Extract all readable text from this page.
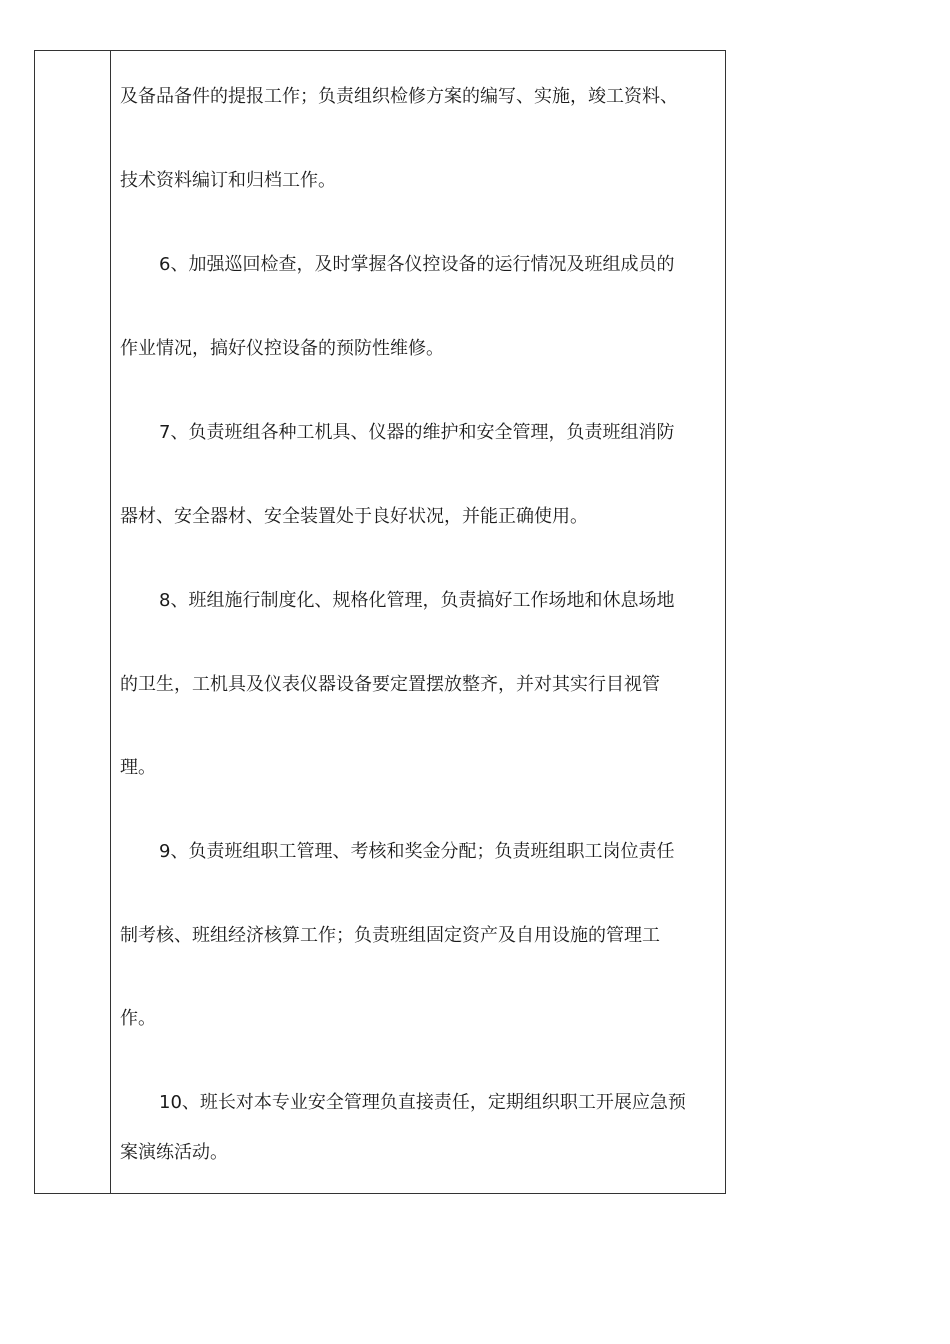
及备品备件的提报工作；负责组织检修方案的编写、实施，竣工资料、
技术资料编订和归档工作。
6、加强巡回检查，及时掌握各仪控设备的运行情况及班组成员的
作业情况，搞好仪控设备的预防性维修。
7、负责班组各种工机具、仪器的维护和安全管理，负责班组消防
器材、安全器材、安全装置处于良好状况，并能正确使用。
8、班组施行制度化、规格化管理，负责搞好工作场地和休息场地
的卫生，工机具及仪表仪器设备要定置摆放整齐，并对其实行目视管
理。
9、负责班组职工管理、考核和奖金分配；负责班组职工岗位责任
制考核、班组经济核算工作；负责班组固定资产及自用设施的管理工
作。
10、班长对本专业安全管理负直接责任，定期组织职工开展应急预
案演练活动。
